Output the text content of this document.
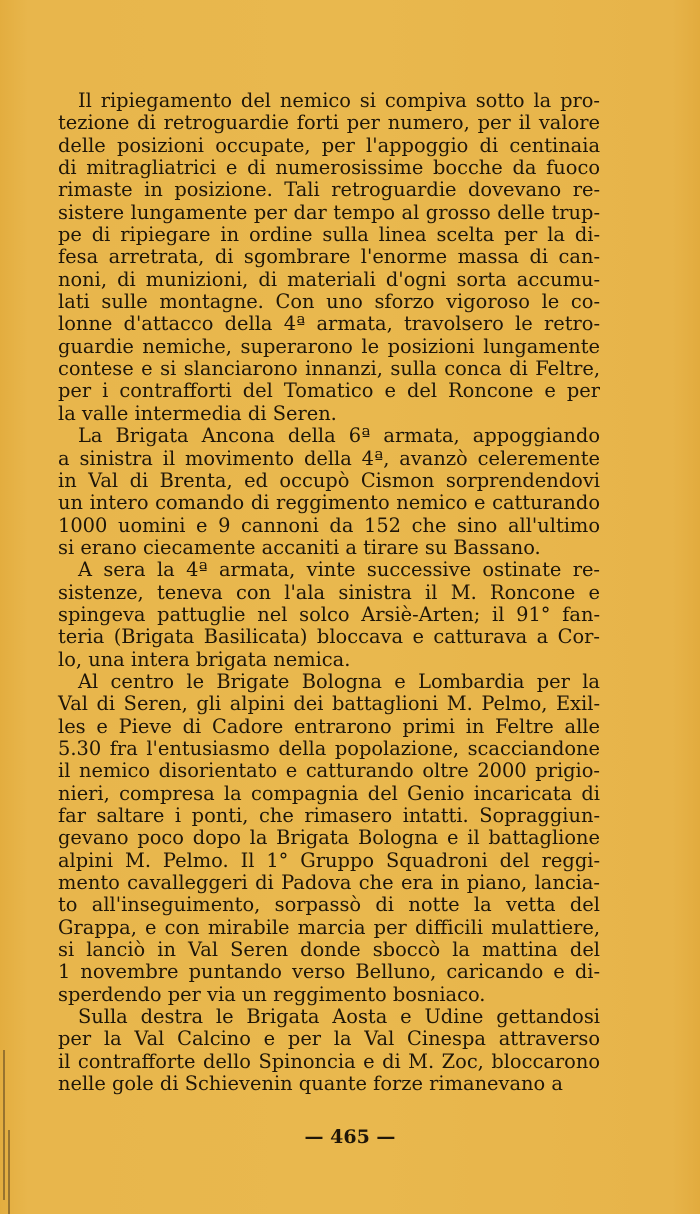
Il ripiegamento del nemico si compiva sotto la pro-
tezione di retroguardie forti per numero, per il valore
delle posizioni occupate, per l'appoggio di centinaia
di mitragliatrici e di numerosissime bocche da fuoco
rimaste in posizione. Tali retroguardie dovevano re-
sistere lungamente per dar tempo al grosso delle trup-
pe di ripiegare in ordine sulla linea scelta per la di-
fesa arretrata, di sgombrare l'enorme massa di can-
noni, di munizioni, di materiali d'ogni sorta accumu-
lati sulle montagne. Con uno sforzo vigoroso le co-
lonne d'attacco della 4ª armata, travolsero le retro-
guardie nemiche, superarono le posizioni lungamente
contese e si slanciarono innanzi, sulla conca di Feltre,
per i contrafforti del Tomatico e del Roncone e per
la valle intermedia di Seren.
La Brigata Ancona della 6ª armata, appoggiando
a sinistra il movimento della 4ª, avanzò celeremente
in Val di Brenta, ed occupò Cismon sorprendendovi
un intero comando di reggimento nemico e catturando
1000 uomini e 9 cannoni da 152 che sino all'ultimo
si erano ciecamente accaniti a tirare su Bassano.
A sera la 4ª armata, vinte successive ostinate re-
sistenze, teneva con l'ala sinistra il M. Roncone e
spingeva pattuglie nel solco Arsiè-Arten; il 91° fan-
teria (Brigata Basilicata) bloccava e catturava a Cor-
lo, una intera brigata nemica.
Al centro le Brigate Bologna e Lombardia per la
Val di Seren, gli alpini dei battaglioni M. Pelmo, Exil-
les e Pieve di Cadore entrarono primi in Feltre alle
5.30 fra l'entusiasmo della popolazione, scacciandone
il nemico disorientato e catturando oltre 2000 prigio-
nieri, compresa la compagnia del Genio incaricata di
far saltare i ponti, che rimasero intatti. Sopraggiun-
gevano poco dopo la Brigata Bologna e il battaglione
alpini M. Pelmo. Il 1° Gruppo Squadroni del reggi-
mento cavalleggeri di Padova che era in piano, lancia-
to all'inseguimento, sorpassò di notte la vetta del
Grappa, e con mirabile marcia per difficili mulattiere,
si lanciò in Val Seren donde sboccò la mattina del
1 novembre puntando verso Belluno, caricando e di-
sperdendo per via un reggimento bosniaco.
Sulla destra le Brigata Aosta e Udine gettandosi
per la Val Calcino e per la Val Cinespa attraverso
il contrafforte dello Spinoncia e di M. Zoc, bloccarono
nelle gole di Schievenin quante forze rimanevano a
— 465 —
